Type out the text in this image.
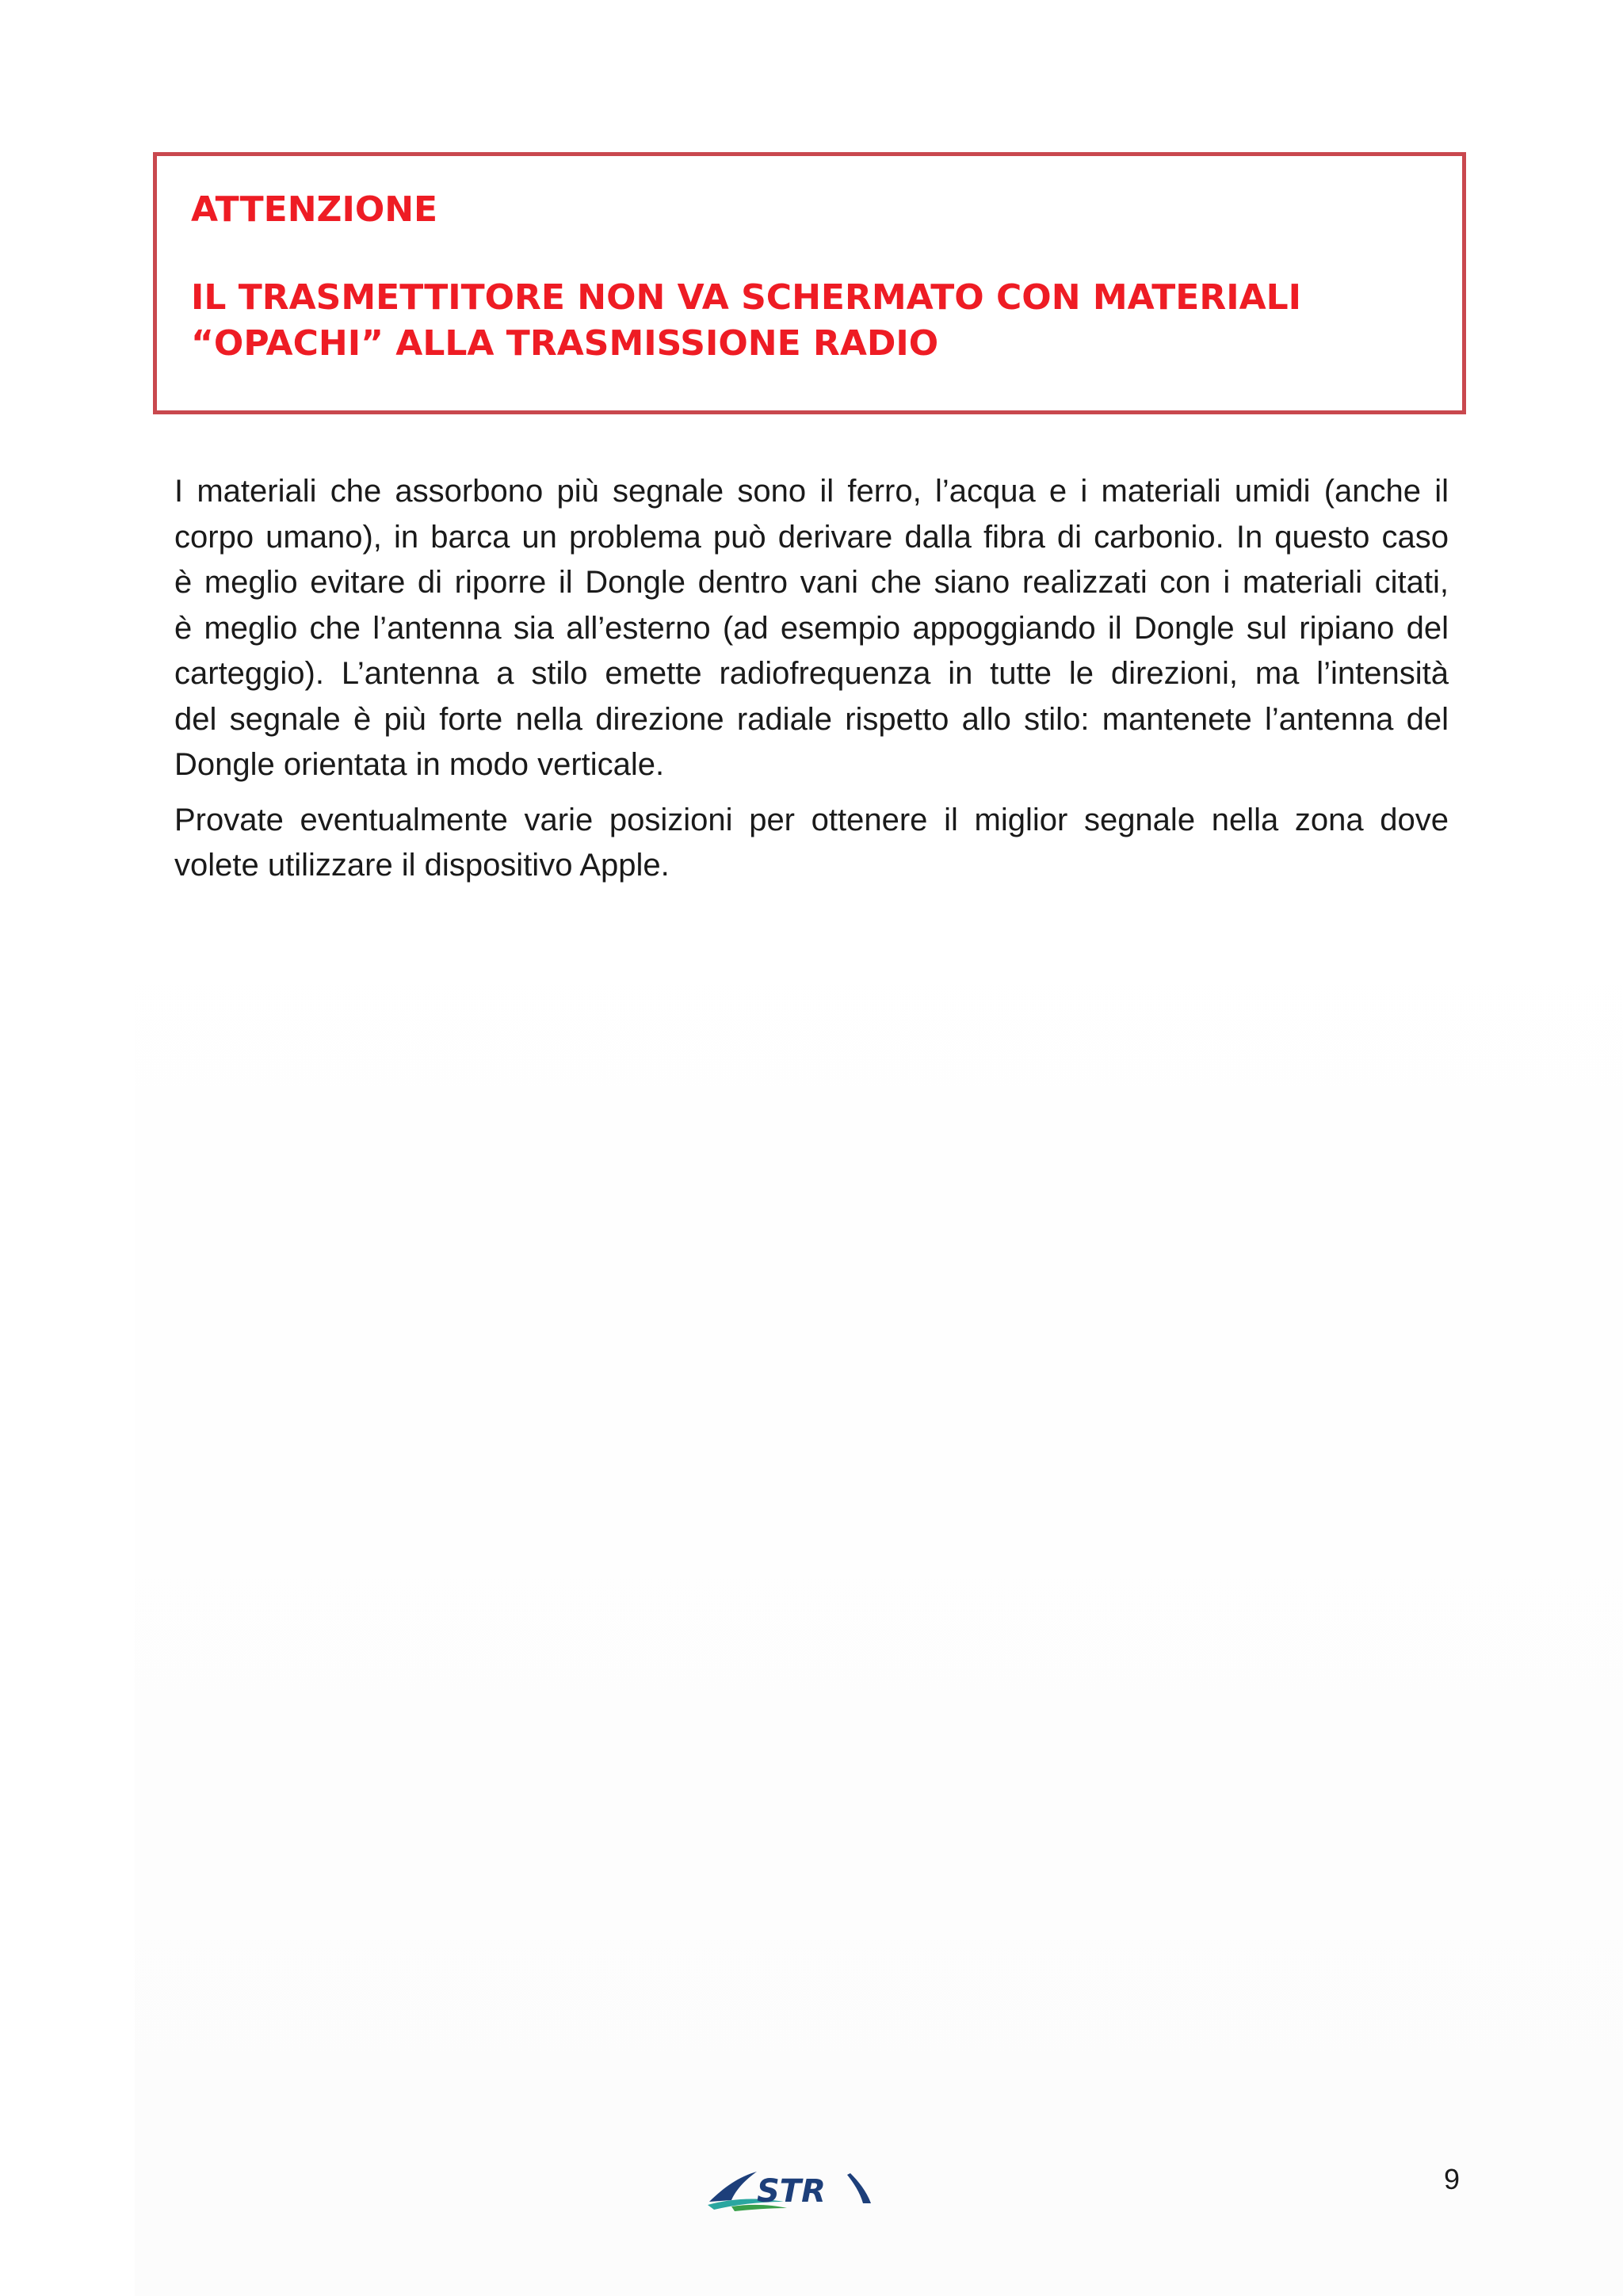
ATTENZIONE

IL TRASMETTITORE NON VA SCHERMATO CON MATERIALI
“OPACHI” ALLA TRASMISSIONE RADIO

I materiali che assorbono più segnale sono il ferro, l’acqua e i materiali umidi (anche il
corpo umano), in barca un problema può derivare dalla fibra di carbonio. In questo caso
è meglio evitare di riporre il Dongle dentro vani che siano realizzati con i materiali citati,
è meglio che l’antenna sia all’esterno (ad esempio appoggiando il Dongle sul ripiano del
carteggio). L’antenna a stilo emette radiofrequenza in tutte le direzioni, ma l’intensità
del segnale è più forte nella direzione radiale rispetto allo stilo: mantenete l’antenna del
Dongle orientata in modo verticale.

Provate eventualmente varie posizioni per ottenere il miglior segnale nella zona dove
volete utilizzare il dispositivo Apple.

STR	9
